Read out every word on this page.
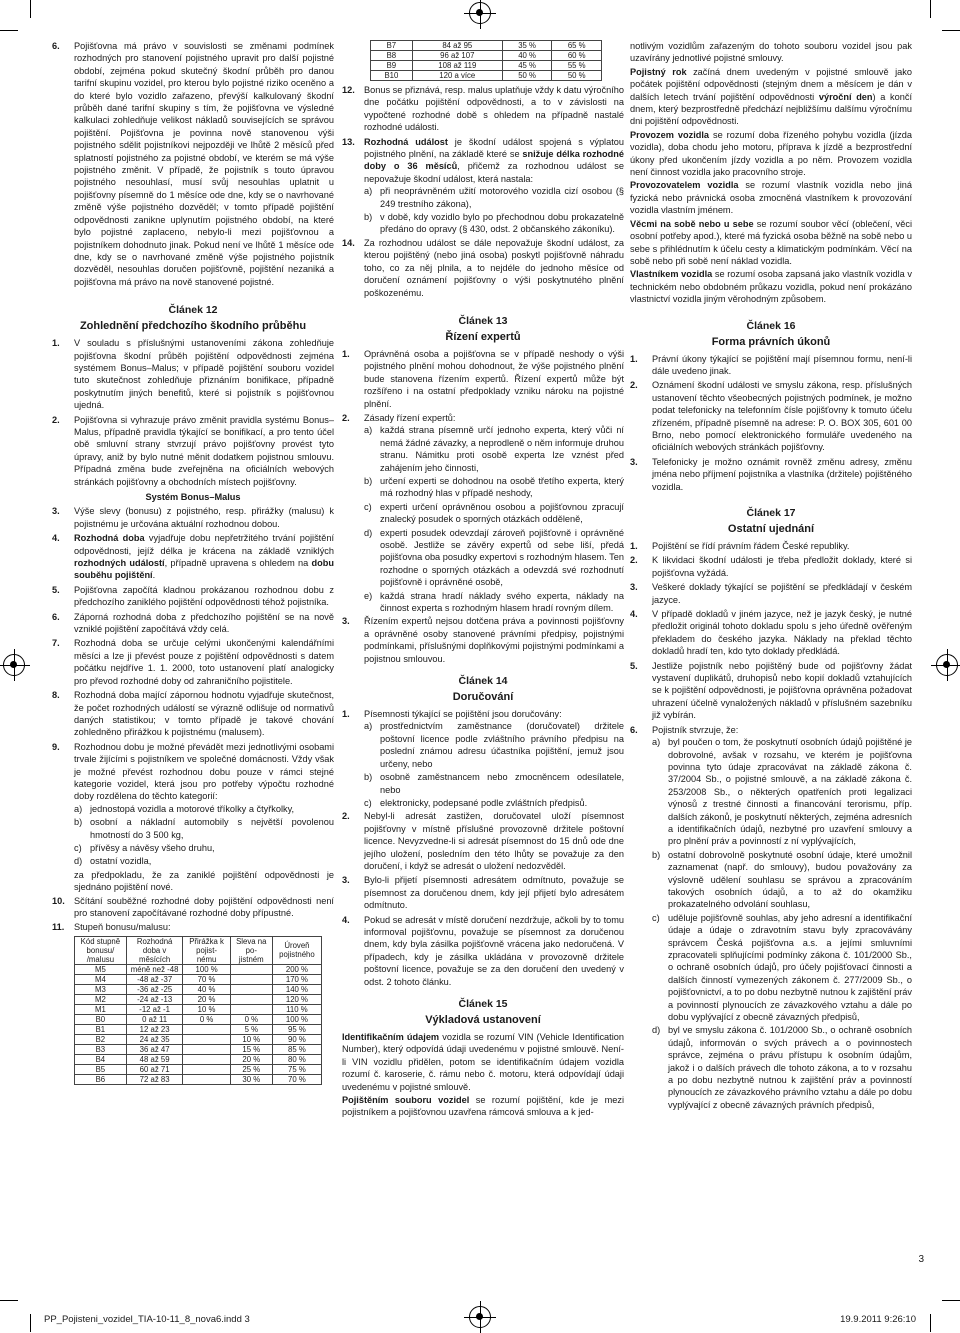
6.	Pojišťovna má právo v souvislosti se změnami podmínek rozhodných pro stanovení pojistného upravit pro další pojistné období, zejména pokud skutečný škodní průběh pro danou tarifní skupinu vozidel, pro kterou bylo pojistné riziko oceněno a do které bylo vozidlo zařazeno, převýší kalkulovaný škodní průběh dané tarifní skupiny s tím, že pojišťovna ve výsledné kalkulaci zohledňuje velikost nákladů souvisejících se správou pojištění. Pojišťovna je povinna nově stanovenou výši pojistného sdělit pojistníkovi nejpozději ve lhůtě 2 měsíců před splatností pojistného za pojistné období, ve kterém se má výše pojistného změnit. V případě, že pojistník s touto úpravou pojistného nesouhlasí, musí svůj nesouhlas uplatnit u pojišťovny písemně do 1 měsíce ode dne, kdy se o navrhované změně výše pojistného dozvěděl; v tomto případě pojištění odpovědnosti zanikne uplynutím pojistného období, na které bylo pojistné zaplaceno, nebylo-li mezi pojišťovnou a pojistníkem dohodnuto jinak. Pokud není ve lhůtě 1 měsíce ode dne, kdy se o navrhované změně výše pojistného pojistník dozvěděl, nesouhlas doručen pojišťovně, pojištění nezaniká a pojišťovna má právo na nově stanovené pojistné.
Článek 12
Zohlednění předchozího škodního průběhu
1.	V souladu s příslušnými ustanoveními zákona zohledňuje pojišťovna škodní průběh pojištění odpovědnosti zejména systémem Bonus–Malus; v případě pojištění souboru vozidel tuto skutečnost zohledňuje přiznáním bonifikace, případně poskytnutím jiných benefitů, které si pojistník s pojišťovnou ujedná.
2.	Pojišťovna si vyhrazuje právo změnit pravidla systému Bonus–Malus, případně pravidla týkající se bonifikací, a pro tento účel obě smluvní strany stvrzují právo pojišťovny provést tyto úpravy, aniž by bylo nutné měnit dodatkem pojistnou smlouvu. Případná změna bude zveřejněna na oficiálních webových stránkách pojišťovny a obchodních místech pojišťovny.
Systém Bonus–Malus
3.	Výše slevy (bonusu) z pojistného, resp. přirážky (malusu) k pojistnému je určována aktuální rozhodnou dobou.
4.	Rozhodná doba vyjadřuje dobu nepřetržitého trvání pojištění odpovědnosti, jejíž délka je krácena na základě vzniklých rozhodných událostí, případně upravena s ohledem na dobu souběhu pojištění.
5.	Pojišťovna započítá kladnou prokázanou rozhodnou dobu z předchozího zaniklého pojištění odpovědnosti téhož pojistníka.
6.	Záporná rozhodná doba z předchozího pojištění se na nově vzniklé pojištění započítává vždy celá.
7.	Rozhodná doba se určuje celými ukončenými kalendářními měsíci a lze ji převést pouze z pojištění odpovědnosti s datem počátku nejdříve 1. 1. 2000, toto ustanovení platí analogicky pro převod rozhodné doby od zahraničního pojistitele.
8.	Rozhodná doba mající zápornou hodnotu vyjadřuje skutečnost, že počet rozhodných událostí se výrazně odlišuje od normativů daných statistikou; v tomto případě je takové chování zohledněno přirážkou k pojistnému (malusem).
9.	Rozhodnou dobu je možné převádět mezi jednotlivými osobami trvale žijícími s pojistníkem ve společné domácnosti. Vždy však je možné převést rozhodnou dobu pouze v rámci stejné kategorie vozidel, která jsou pro potřeby výpočtu rozhodné doby rozdělena do těchto kategorií:
a) jednostopá vozidla a motorové tříkolky a čtyřkolky,
b) osobní a nákladní automobily s největší povolenou hmotností do 3 500 kg,
c) přívěsy a návěsy všeho druhu,
d) ostatní vozidla,
za předpokladu, že za zaniklé pojištění odpovědnosti je sjednáno pojištění nové.
10.	Sčítání souběžné rozhodné doby pojištění odpovědnosti není pro stanovení započítávané rozhodné doby přípustné.
11.	Stupeň bonusu/malusu:
Kód stupně bonusu/ /malusu	Rozhodná doba v měsících	Přirážka k pojist-nému	Sleva na po-jistném	Úroveň pojistného
M5	méně než -48	100 %		200 %
M4	-48 až -37	70 %		170 %
M3	-36 až -25	40 %		140 %
M2	-24 až -13	20 %		120 %
M1	-12 až -1	10 %		110 %
B0	0 až 11	0 %	0 %	100 %
B1	12 až 23		5 %	95 %
B2	24 až 35		10 %	90 %
B3	36 až 47		15 %	85 %
B4	48 až 59		20 %	80 %
B5	60 až 71		25 %	75 %
B6	72 až 83		30 %	70 %
B7	84 až 95	35 %	65 %
B8	96 až 107	40 %	60 %
B9	108 až 119	45 %	55 %
B10	120 a více	50 %	50 %
12.	Bonus se přiznává, resp. malus uplatňuje vždy k datu výročního dne počátku pojištění odpovědnosti, a to v závislosti na vypočtené rozhodné době s ohledem na případně nastalé rozhodné události.
13.	Rozhodná událost je škodní událost spojená s výplatou pojistného plnění, na základě které se snižuje délka rozhodné doby o 36 měsíců, přičemž za rozhodnou událost se nepovažuje škodní událost, která nastala:
a) při neoprávněném užití motorového vozidla cizí osobou (§ 249 trestního zákona),
b) v době, kdy vozidlo bylo po přechodnou dobu prokazatelně předáno do opravy (§ 430, odst. 2 občanského zákoníku).
14.	Za rozhodnou událost se dále nepovažuje škodní událost, za kterou pojištěný (nebo jiná osoba) poskytl pojišťovně náhradu toho, co za něj plnila, a to nejdéle do jednoho měsíce od doručení oznámení pojišťovny o výši poskytnutého plnění poškozenému.
Článek 13
Řízení expertů
1.	Oprávněná osoba a pojišťovna se v případě neshody o výši pojistného plnění mohou dohodnout, že výše pojistného plnění bude stanovena řízením expertů. Řízení expertů může být rozšířeno i na ostatní předpoklady vzniku nároku na pojistné plnění.
2.	Zásady řízení expertů:
a) každá strana písemně určí jednoho experta, který vůči ní nemá žádné závazky, a neprodleně o něm informuje druhou stranu. Námitku proti osobě experta lze vznést před zahájením jeho činnosti,
b) určení experti se dohodnou na osobě třetího experta, který má rozhodný hlas v případě neshody,
c) experti určení oprávněnou osobou a pojišťovnou zpracují znalecký posudek o sporných otázkách odděleně,
d) experti posudek odevzdají zároveň pojišťovně i oprávněné osobě. Jestliže se závěry expertů od sebe liší, předá pojišťovna oba posudky expertovi s rozhodným hlasem. Ten rozhodne o sporných otázkách a odevzdá své rozhodnutí pojišťovně i oprávněné osobě,
e) každá strana hradí náklady svého experta, náklady na činnost experta s rozhodným hlasem hradí rovným dílem.
3.	Řízením expertů nejsou dotčena práva a povinnosti pojišťovny a oprávněné osoby stanovené právními předpisy, pojistnými podmínkami, příslušnými doplňkovými pojistnými podmínkami a pojistnou smlouvou.
Článek 14
Doručování
1.	Písemnosti týkající se pojištění jsou doručovány:
a) prostřednictvím zaměstnance (doručovatel) držitele poštovní licence podle zvláštního právního předpisu na poslední známou adresu účastníka pojištění, jemuž jsou určeny, nebo
b) osobně zaměstnancem nebo zmocněncem odesílatele, nebo
c) elektronicky, podepsané podle zvláštních předpisů.
2.	Nebyl-li adresát zastižen, doručovatel uloží písemnost pojišťovny v místně příslušné provozovně držitele poštovní licence. Nevyzvedne-li si adresát písemnost do 15 dnů ode dne jejího uložení, posledním den této lhůty se považuje za den doručení, i když se adresát o uložení nedozvěděl.
3.	Bylo-li přijetí písemnosti adresátem odmítnuto, považuje se písemnost za doručenou dnem, kdy její přijetí bylo adresátem odmítnuto.
4.	Pokud se adresát v místě doručení nezdržuje, ačkoli by to tomu informoval pojišťovnu, považuje se písemnost za doručenou dnem, kdy byla zásilka pojišťovně vrácena jako nedoručená. V případech, kdy je zásilka ukládána v provozovně držitele poštovní licence, považuje se za den doručení den uvedený v odst. 2 tohoto článku.
Článek 15
Výkladová ustanovení
Identifikačním údajem vozidla se rozumí VIN (Vehicle Identification Number), který odpovídá údaji uvedenému v pojistné smlouvě. Není-li VIN vozidlu přidělen, potom se identifikačním údajem vozidla rozumí č. karoserie, č. rámu nebo č. motoru, která odpovídají údaji uvedenému v pojistné smlouvě.
Pojištěním souboru vozidel se rozumí pojištění, kde je mezi pojistníkem a pojišťovnou uzavřena rámcová smlouva a k jed-
notlivým vozidlům zařazeným do tohoto souboru vozidel jsou pak uzavírány jednotlivé pojistné smlouvy.
Pojistný rok začíná dnem uvedeným v pojistné smlouvě jako počátek pojištění odpovědnosti (stejným dnem a měsícem je dán v dalších letech trvání pojištění odpovědnosti výroční den) a končí dnem, který bezprostředně předchází nejbližšímu dalšímu výročnímu dni pojištění odpovědnosti.
Provozem vozidla se rozumí doba řízeného pohybu vozidla (jízda vozidla), doba chodu jeho motoru, příprava k jízdě a bezprostřední úkony před ukončením jízdy vozidla a po něm. Provozem vozidla není činnost vozidla jako pracovního stroje.
Provozovatelem vozidla se rozumí vlastník vozidla nebo jiná fyzická nebo právnická osoba zmocněná vlastníkem k provozování vozidla vlastním jménem.
Věcmi na sobě nebo u sebe se rozumí soubor věcí (oblečení, věci osobní potřeby apod.), které má fyzická osoba běžně na sobě nebo u sebe s přihlédnutím k účelu cesty a klimatickým podmínkám. Věcí na sobě nebo při sobě není náklad vozidla.
Vlastníkem vozidla se rozumí osoba zapsaná jako vlastník vozidla v technickém nebo obdobném průkazu vozidla, pokud není prokázáno vlastnictví vozidla jiným věrohodným způsobem.
Článek 16
Forma právních úkonů
1.	Právní úkony týkající se pojištění mají písemnou formu, není-li dále uvedeno jinak.
2.	Oznámení škodní události ve smyslu zákona, resp. příslušných ustanovení těchto všeobecných pojistných podmínek, je možno podat telefonicky na telefonním čísle pojišťovny k tomuto účelu zřízeném, případně písemně na adrese: P. O. BOX 305, 601 00 Brno, nebo pomocí elektronického formuláře uvedeného na oficiálních webových stránkách pojišťovny.
3.	Telefonicky je možno oznámit rovněž změnu adresy, změnu jména nebo příjmení pojistníka a vlastníka (držitele) pojištěného vozidla.
Článek 17
Ostatní ujednání
1.	Pojištění se řídí právním řádem České republiky.
2.	K likvidaci škodní události je třeba předložit doklady, které si pojišťovna vyžádá.
3.	Veškeré doklady týkající se pojištění se předkládají v českém jazyce.
4.	V případě dokladů v jiném jazyce, než je jazyk český, je nutné předložit originál tohoto dokladu spolu s jeho úředně ověřeným překladem do českého jazyka. Náklady na překlad těchto dokladů hradí ten, kdo tyto doklady předkládá.
5.	Jestliže pojistník nebo pojištěný bude od pojišťovny žádat vystavení duplikátů, druhopisů nebo kopií dokladů vztahujících se k pojištění odpovědnosti, je pojišťovna oprávněna požadovat uhrazení účelně vynaložených nákladů v příslušném sazebníku již vybírán.
6.	Pojistník stvrzuje, že:
a) byl poučen o tom, že poskytnutí osobních údajů pojištěné je dobrovolné, avšak v rozsahu, ve kterém je pojišťovna povinna tyto údaje zpracovávat na základě zákona č. 37/2004 Sb., o pojistné smlouvě, a na základě zákona č. 253/2008 Sb., o některých opatřeních proti legalizaci výnosů z trestné činnosti a financování terorismu, příp. dalších zákonů, je poskytnutí některých, zejména adresních a identifikačních údajů, nezbytné pro uzavření smlouvy a pro plnění práv a povinností z ní vyplývajících,
b) ostatní dobrovolně poskytnuté osobní údaje, které umožnil zaznamenat (např. do smlouvy), budou považovány za výslovně udělení souhlasu se správou a zpracováním takových osobních údajů, a to až do okamžiku prokazatelného odvolání souhlasu,
c) uděluje pojišťovně souhlas, aby jeho adresní a identifikační údaje a údaje o zdravotním stavu byly zpracovávány správcem Česká pojišťovna a.s. a jejími smluvními zpracovateli splňujícími podmínky zákona č. 101/2000 Sb., o ochraně osobních údajů, pro účely pojišťovací činnosti a dalších činností vymezených zákonem č. 277/2009 Sb., o pojišťovnictví, a to po dobu nezbytně nutnou k zajištění práv a povinností plynoucích ze závazkového vztahu a dále po dobu vyplývající z obecně závazných předpisů,
d) byl ve smyslu zákona č. 101/2000 Sb., o ochraně osobních údajů, informován o svých právech a o povinnostech správce, zejména o právu přístupu k osobním údajům, jakož i o dalších právech dle tohoto zákona, a to v rozsahu a po dobu nezbytně nutnou k zajištění práv a povinností plynoucích ze závazkového právního vztahu a dále po dobu vyplývající z obecně závazných právních předpisů,
3
PP_Pojisteni_vozidel_TIA-10-11_8_nova6.indd 3	19.9.2011 9:26:10
